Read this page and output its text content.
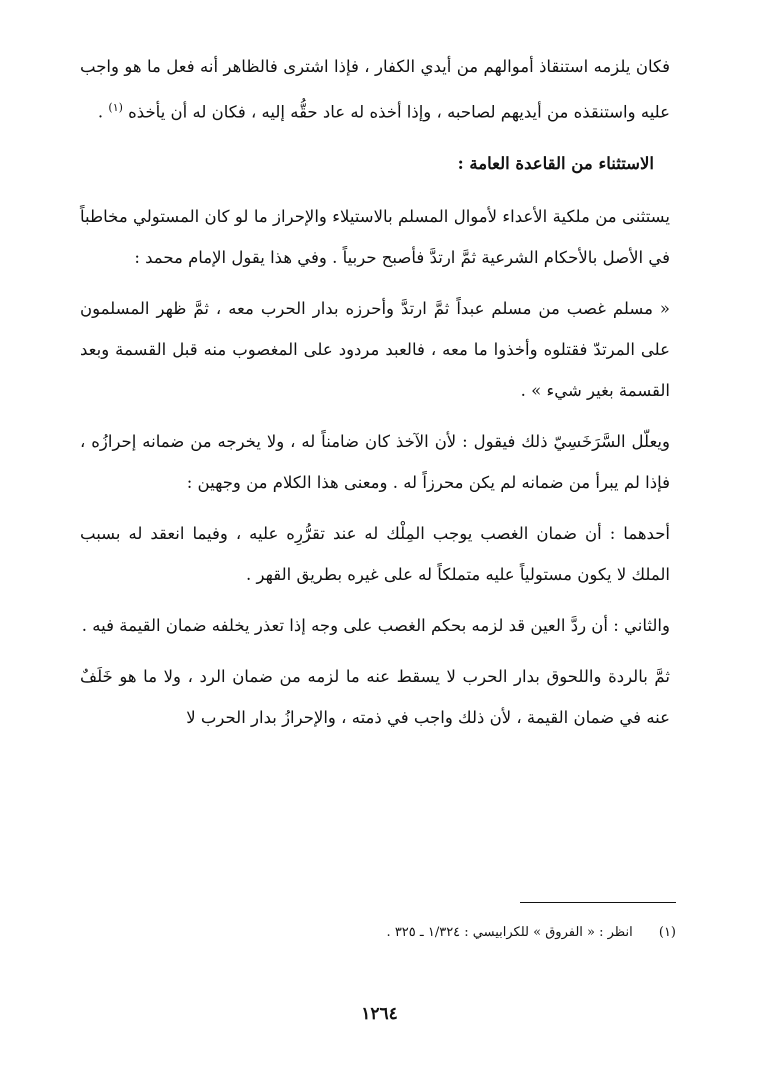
فكان يلزمه استنقاذ أموالهم من أيدي الكفار ، فإذا اشترى فالظاهر أنه فعل ما هو واجب عليه واستنقذه من أيديهم لصاحبه ، وإذا أخذه له عاد حقُّه إليه ، فكان له أن يأخذه $^{(١)}$ .

الاستثناء من القاعدة العامة :

يستثنى من ملكية الأعداء لأموال المسلم بالاستيلاء والإحراز ما لو كان المستولي مخاطباً في الأصل بالأحكام الشرعية ثمَّ ارتدَّ فأصبح حربياً . وفي هذا يقول الإمام محمد :

« مسلم غصب من مسلم عبداً ثمَّ ارتدَّ وأحرزه بدار الحرب معه ، ثمَّ ظهر المسلمون على المرتدّ فقتلوه وأخذوا ما معه ، فالعبد مردود على المغصوب منه قبل القسمة وبعد القسمة بغير شيء » .

ويعلّل السَّرَخَسِيّ ذلك فيقول : لأن الآخذ كان ضامناً له ، ولا يخرجه من ضمانه إحرازُه ، فإذا لم يبرأ من ضمانه لم يكن محرزاً له . ومعنى هذا الكلام من وجهين :

أحدهما : أن ضمان الغصب يوجب المِلْك له عند تقرُّرِه عليه ، وفيما انعقد له بسبب الملك لا يكون مستولياً عليه متملكاً له على غيره بطريق القهر .

والثاني : أن ردَّ العين قد لزمه بحكم الغصب على وجه إذا تعذر يخلفه ضمان القيمة فيه .

ثمَّ بالردة واللحوق بدار الحرب لا يسقط عنه ما لزمه من ضمان الرد ، ولا ما هو خَلَفٌ عنه في ضمان القيمة ، لأن ذلك واجب في ذمته ، والإحرازُ بدار الحرب لا

(١) انظر : « الفروق » للكرابيسي : ١/٣٢٤ ـ ٣٢٥ .
١٢٦٤
